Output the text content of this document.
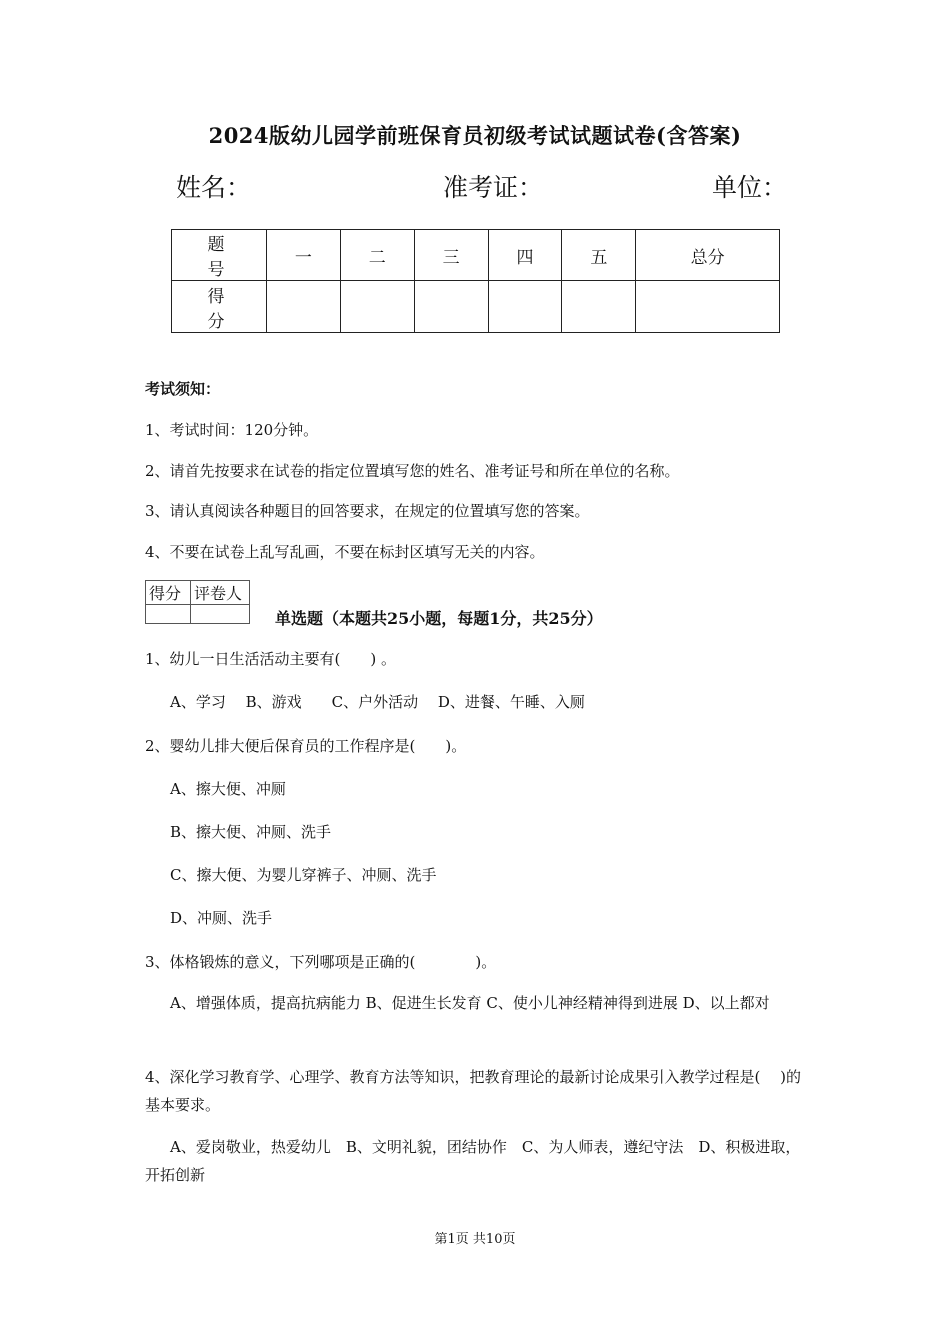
2024版幼儿园学前班保育员初级考试试题试卷(含答案)
姓名：	准考证：	单位：
题　号	一	二	三	四	五	总分
得　分						
考试须知：
1、考试时间：120分钟。
2、请首先按要求在试卷的指定位置填写您的姓名、准考证号和所在单位的名称。
3、请认真阅读各种题目的回答要求，在规定的位置填写您的答案。
4、不要在试卷上乱写乱画，不要在标封区填写无关的内容。
得分	评卷人

单选题（本题共25小题，每题1分，共25分）
1、幼儿一日生活活动主要有(　　) 。
A、学习　 B、游戏　　C、户外活动　 D、进餐、午睡、入厕
2、婴幼儿排大便后保育员的工作程序是(　　)。
A、擦大便、冲厕
B、擦大便、冲厕、洗手
C、擦大便、为婴儿穿裤子、冲厕、洗手
D、冲厕、洗手
3、体格锻炼的意义，下列哪项是正确的(　　　　)。
A、增强体质，提高抗病能力 B、促进生长发育 C、使小儿神经精神得到进展 D、以上都对
4、深化学习教育学、心理学、教育方法等知识，把教育理论的最新讨论成果引入教学过程是(　 )的基本要求。
A、爱岗敬业，热爱幼儿　B、文明礼貌，团结协作　C、为人师表，遵纪守法　D、积极进取，开拓创新
第1页 共10页
